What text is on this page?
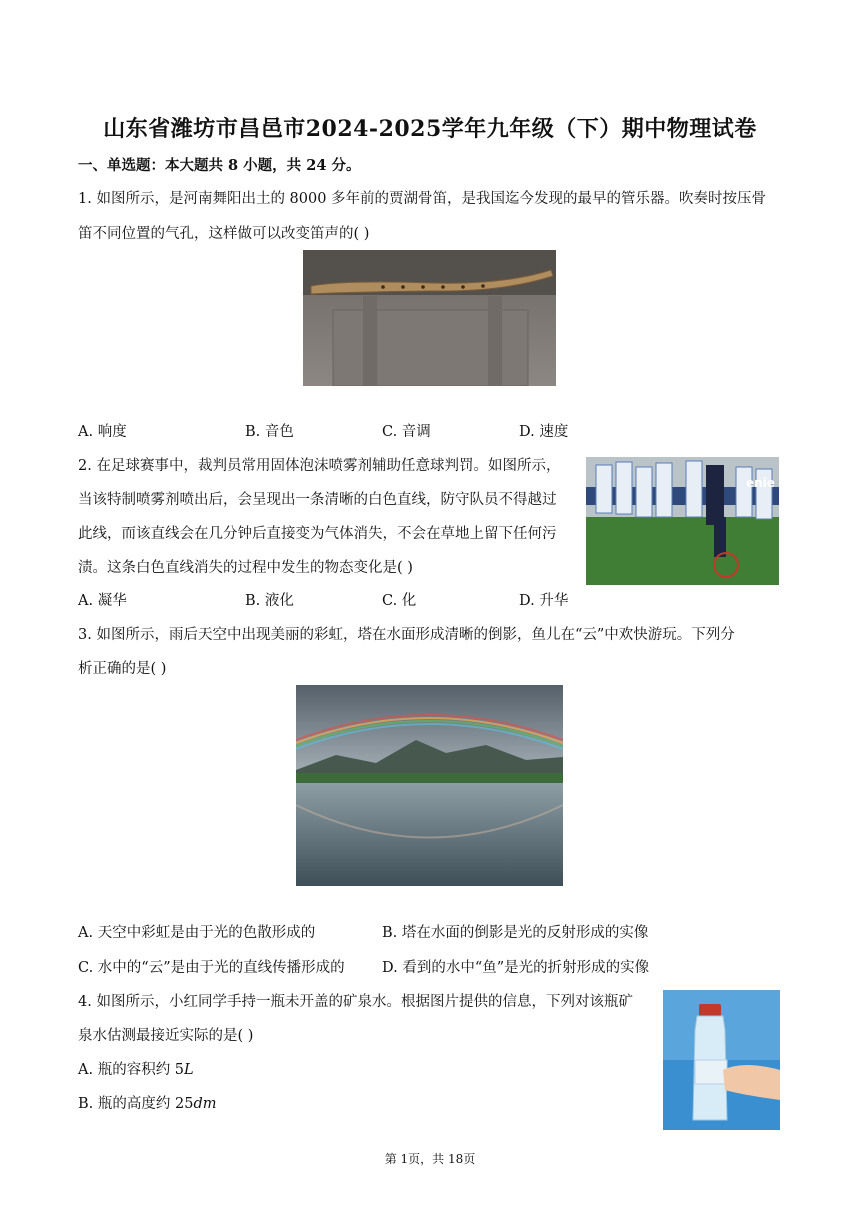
山东省潍坊市昌邑市2024-2025学年九年级（下）期中物理试卷
一、单选题：本大题共 8 小题，共 24 分。
1. 如图所示，是河南舞阳出土的 8000 多年前的贾湖骨笛，是我国迄今发现的最早的管乐器。吹奏时按压骨
笛不同位置的气孔，这样做可以改变笛声的( )
A. 响度	B. 音色	C. 音调	D. 速度
2. 在足球赛事中，裁判员常用固体泡沫喷雾剂辅助任意球判罚。如图所示，
当该特制喷雾剂喷出后，会呈现出一条清晰的白色直线，防守队员不得越过
此线，而该直线会在几分钟后直接变为气体消失，不会在草地上留下任何污
渍。这条白色直线消失的过程中发生的物态变化是( )
enie
A. 凝华	B. 液化	C. 化	D. 升华
3. 如图所示，雨后天空中出现美丽的彩虹，塔在水面形成清晰的倒影，鱼儿在“云”中欢快游玩。下列分
析正确的是( )
A. 天空中彩虹是由于光的色散形成的	B. 塔在水面的倒影是光的反射形成的实像
C. 水中的“云”是由于光的直线传播形成的	D. 看到的水中“鱼”是光的折射形成的实像
4. 如图所示，小红同学手持一瓶未开盖的矿泉水。根据图片提供的信息，下列对该瓶矿
泉水估测最接近实际的是( )
A. 瓶的容积约 5L
B. 瓶的高度约 25dm
第 1页，共 18页
